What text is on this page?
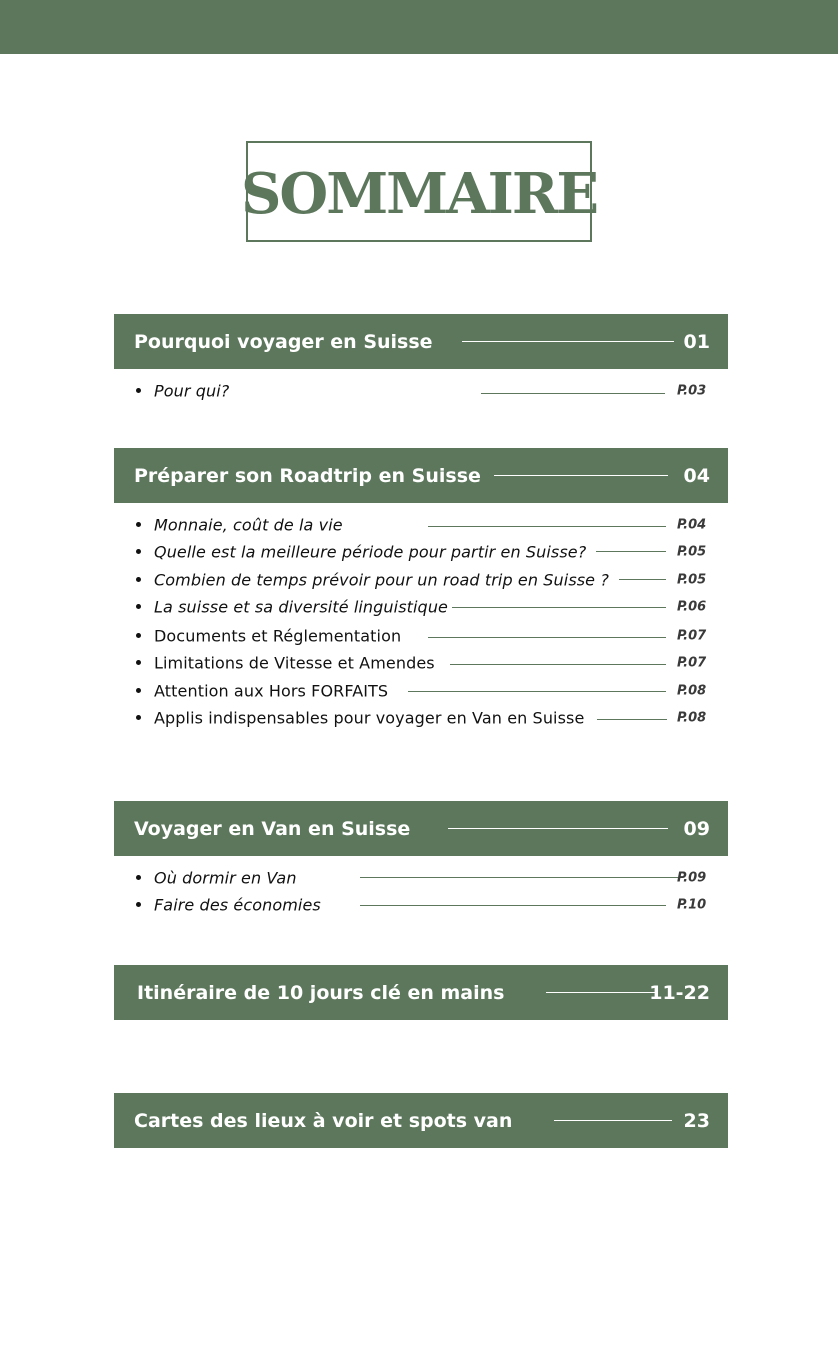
SOMMAIRE
Pourquoi voyager en Suisse	01
Pour qui?	P.03
Préparer son Roadtrip en Suisse	04
Monnaie, coût de la vie	P.04
Quelle est la meilleure période pour partir en Suisse?	P.05
Combien de temps prévoir pour un road trip en Suisse ?	P.05
La suisse et sa diversité linguistique	P.06
Documents et Réglementation	P.07
Limitations de Vitesse et Amendes	P.07
Attention aux Hors FORFAITS	P.08
Applis indispensables pour voyager en Van en Suisse	P.08
Voyager en Van en Suisse	09
Où dormir en Van	P.09
Faire des économies	P.10
Itinéraire de 10 jours clé en mains	11-22
Cartes des lieux à voir et spots van	23
